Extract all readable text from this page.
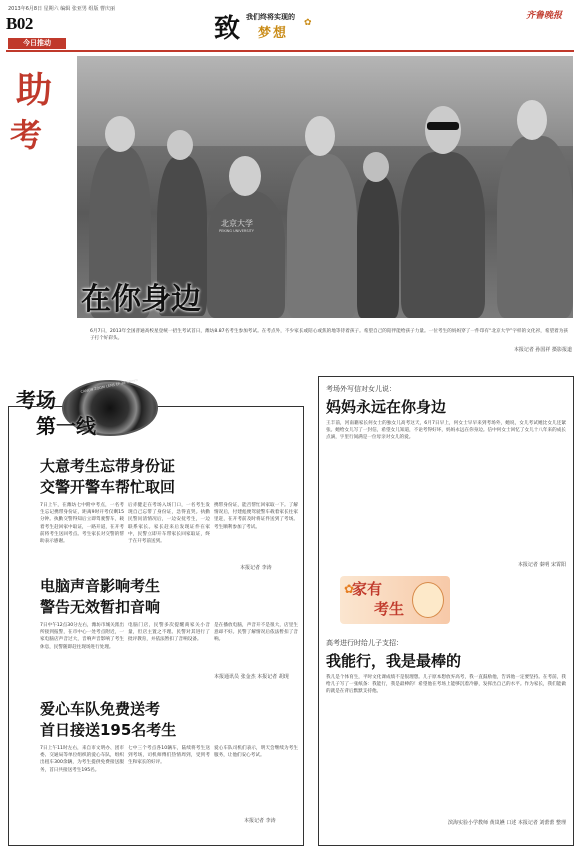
2013年6月8日 星期六 编辑 张亚男 组版 曹庆丽
B02
今日推动	致 我们终将实现的
梦想
✿
齐鲁晚报
北京大学
PEKING UNIVERSITY
在你身边
助
考
6月7日，2013年全国普通高校星登统一招生考试首日，潍坊8.87名考生参加考试。在考点外，不少家长或陪心或焦的地等待着孩子。希望自己的陪伴能给孩子力量。一位考生的妈妈穿了一件印有“北京大学”字样的文化衫，希望着为孩子打个好彩头。
本报记者 孙国祥 摄影报道
CANON ZOOM LENS EF 28-80mm
考场
第一线
大意考生忘带身份证
交警开警车帮忙取回
7日上午，在潍坊七中附中考点，一名考生忘记携带身份证，距离9时开考仅剩15分钟。执勤交警得知后立即驾驶警车，载着考生赶回家中取证，一路开道，在开考前将考生送回考点。考生家长对交警的帮助表示感谢。
后赤健走在考场入场门口，一名考生发现自己忘带了身份证，急得直哭。执勤民警问清情况后，一边安抚考生，一边联系家长。家长赶来后发现证件在家中，民警立即开车带家长回家取证，终于在开考前送到。
携带身份证，能否帮忙回家取一下。了解情况后，付建彪便驾驶警车载着家长往家里赶，在开考前及时将证件送到了考场。考生顺利参加了考试。
本报记者 李涛
电脑声音影响考生
警告无效暂扣音响
7日中午12点30分左右，潍坊市城关派出所接到报警，在市中心一处考点附近，一家电脑店声音过大，音响声音影响了考生休息，民警随即赶往现场进行处理。
电脑门店，民警多次提醒商家关小音量，但店主置之不理。民警对其进行了批评教育，并依法暂扣了音响设备。
是在播放电脑，声音开不是很大，店里生意却不好。民警了解情况后依法暂扣了音响。
本报通讯员 张金杰 本报记者 胡现
爱心车队免费送考
首日接送195名考生
7日上午11时左右，来自市文明办、团市委、交通局等单位组织的爱心车队，组织出租车300余辆，为考生提供免费接送服务，首日共接送考生195名。
七中三个考点各10辆车，陆续将考生送到考场，司机师傅们热情周到，受到考生和家长的好评。
爱心车队司机们表示，明天会继续为考生服务，让他们安心考试。
本报记者 李涛
考场外写信对女儿说：
妈妈永远在你身边
王丰前，河南籍家长何女士的独女儿高考这天，6月7日早上，何女士早早来到考场外，她说，女儿考试她比女儿还紧张。她给女儿写了一封信，希望女儿知道，不论考得好坏，妈妈永远在你身边。信中何女士回忆了女儿十八年来的成长点滴，字里行间满是一位母亲对女儿的爱。
本报记者 秦明 宋霄阳
✿
家有
考生
高考进行时给儿子支招：
我能行，我是最棒的
我儿是个体育生，平时文化课成绩不是很理想。儿子原本想放弃高考，我一直鼓励他，告诉他一定要坚持。在考前，我给儿子写了一张纸条：我能行，我是最棒的！希望他在考场上能够沉着冷静，发挥出自己的水平。作为家长，我们能做的就是在背后默默支持他。
滨海实验小学教师 黄岚嬿 口述 本报记者 刘蕾蕾 整理
